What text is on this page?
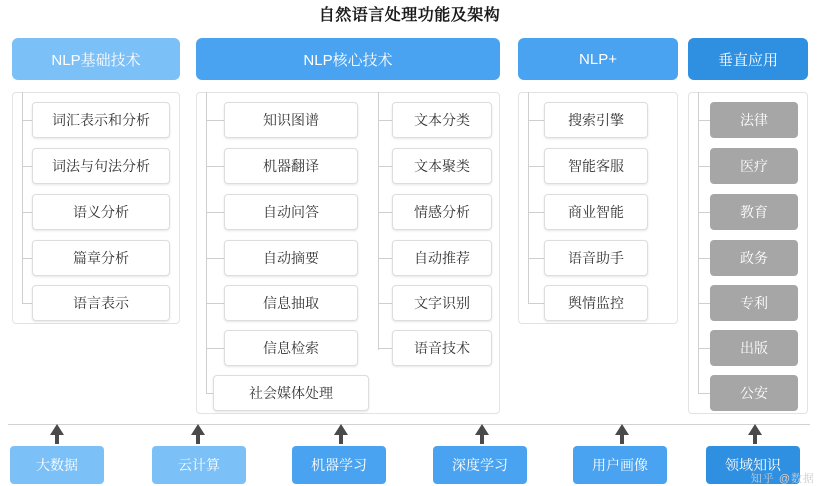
自然语言处理功能及架构
NLP基础技术
词汇表示和分析
词法与句法分析
语义分析
篇章分析
语言表示
NLP核心技术
知识图谱
机器翻译
自动问答
自动摘要
信息抽取
信息检索
社会媒体处理
文本分类
文本聚类
情感分析
自动推荐
文字识别
语音技术
NLP+
搜索引擎
智能客服
商业智能
语音助手
舆情监控
垂直应用
法律
医疗
教育
政务
专利
出版
公安
大数据	云计算	机器学习	深度学习	用户画像	领域知识
知乎 @数据
